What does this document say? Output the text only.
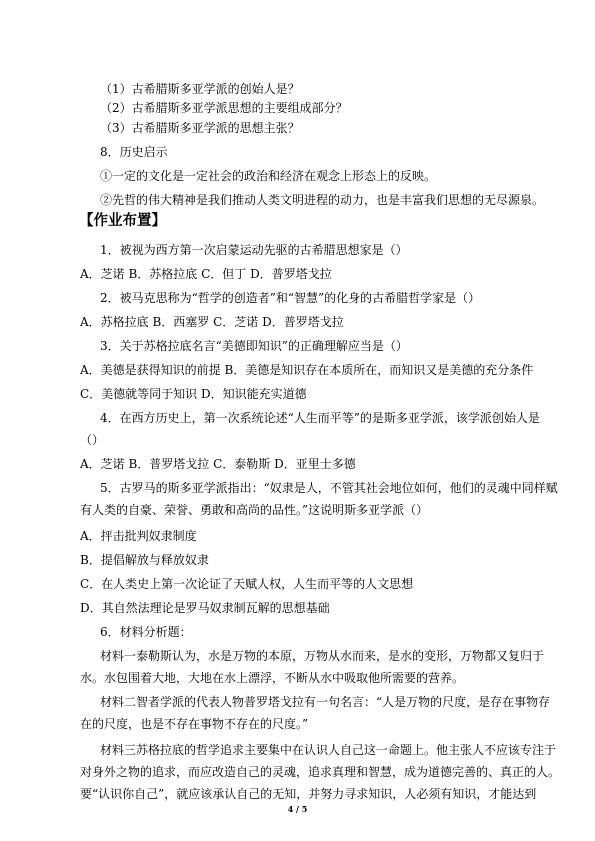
（1）古希腊斯多亚学派的创始人是？
（2）古希腊斯多亚学派思想的主要组成部分？
（3）古希腊斯多亚学派的思想主张？
8．历史启示
①一定的文化是一定社会的政治和经济在观念上形态上的反映。
②先哲的伟大精神是我们推动人类文明进程的动力，也是丰富我们思想的无尽源泉。
【作业布置】
1．被视为西方第一次启蒙运动先驱的古希腊思想家是（）
A．芝诺 B．苏格拉底 C．但丁 D．普罗塔戈拉
2．被马克思称为“哲学的创造者”和“智慧”的化身的古希腊哲学家是（）
A．苏格拉底 B．西塞罗 C．芝诺 D．普罗塔戈拉
3．关于苏格拉底名言“美德即知识”的正确理解应当是（）
A．美德是获得知识的前提 B．美德是知识存在本质所在，而知识又是美德的充分条件
C．美德就等同于知识 D．知识能充实道德
4．在西方历史上，第一次系统论述“人生而平等”的是斯多亚学派，该学派创始人是
（）
A．芝诺 B．普罗塔戈拉 C．泰勒斯 D．亚里士多德
5．古罗马的斯多亚学派指出：“奴隶是人，不管其社会地位如何，他们的灵魂中同样赋
有人类的自豪、荣誉、勇敢和高尚的品性。”这说明斯多亚学派（）
A．抨击批判奴隶制度
B．提倡解放与释放奴隶
C．在人类史上第一次论证了天赋人权，人生而平等的人文思想
D．其自然法理论是罗马奴隶制瓦解的思想基础
6．材料分析题：
材料一泰勒斯认为，水是万物的本原，万物从水而来，是水的变形，万物都又复归于
水。水包围着大地，大地在水上漂浮，不断从水中吸取他所需要的营养。
材料二智者学派的代表人物普罗塔戈拉有一句名言：“人是万物的尺度，是存在事物存
在的尺度，也是不存在事物不存在的尺度。”
材料三苏格拉底的哲学追求主要集中在认识人自己这一命题上。他主张人不应该专注于
对身外之物的追求，而应改造自己的灵魂，追求真理和智慧，成为道德完善的、真正的人。
4 / 5
要“认识你自己”，就应该承认自己的无知，并努力寻求知识，人必须有知识，才能达到
